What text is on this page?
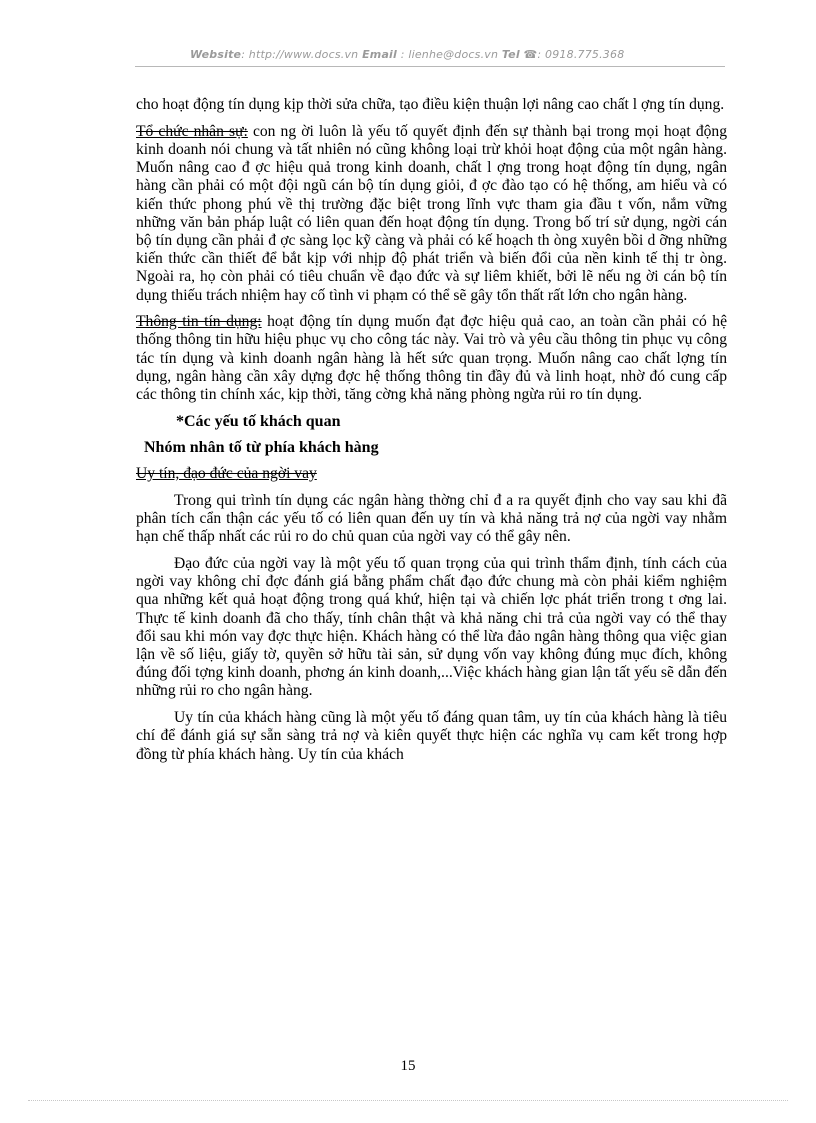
Website: http://www.docs.vn Email : lienhe@docs.vn Tel ☎: 0918.775.368

cho hoạt động tín dụng kịp thời sửa chữa, tạo điều kiện thuận lợi nâng cao chất l ợng tín dụng.

Tổ chức nhân sự: con ng ời luôn là yếu tố quyết định đến sự thành bại trong mọi hoạt động kinh doanh nói chung và tất nhiên nó cũng không loại trừ khỏi hoạt động của một ngân hàng. Muốn nâng cao đ ợc hiệu quả trong kinh doanh, chất l ợng trong hoạt động tín dụng, ngân hàng cần phải có một đội ngũ cán bộ tín dụng giỏi, đ ợc đào tạo có hệ thống, am hiểu và có kiến thức phong phú về thị trường đặc biệt trong lĩnh vực tham gia đầu t vốn, nắm vững những văn bản pháp luật có liên quan đến hoạt động tín dụng. Trong bố trí sử dụng, ngời cán bộ tín dụng cần phải đ ợc sàng lọc kỹ càng và phải có kế hoạch th òng xuyên bồi d ỡng những kiến thức cần thiết để bắt kịp với nhịp độ phát triển và biến đổi của nền kinh tế thị tr òng. Ngoài ra, họ còn phải có tiêu chuẩn về đạo đức và sự liêm khiết, bởi lẽ nếu ng ời cán bộ tín dụng thiếu trách nhiệm hay cố tình vi phạm có thể sẽ gây tổn thất rất lớn cho ngân hàng.

Thông tin tín dụng: hoạt động tín dụng muốn đạt đợc hiệu quả cao, an toàn cần phải có hệ thống thông tin hữu hiệu phục vụ cho công tác này. Vai trò và yêu cầu thông tin phục vụ công tác tín dụng và kinh doanh ngân hàng là hết sức quan trọng. Muốn nâng cao chất lợng tín dụng, ngân hàng cần xây dựng đợc hệ thống thông tin đầy đủ và linh hoạt, nhờ đó cung cấp các thông tin chính xác, kịp thời, tăng cờng khả năng phòng ngừa rủi ro tín dụng.

*Các yếu tố khách quan

Nhóm nhân tố từ phía khách hàng

Uy tín, đạo đức của ngời vay

Trong qui trình tín dụng các ngân hàng thờng chỉ đ a ra quyết định cho vay sau khi đã phân tích cẩn thận các yếu tố có liên quan đến uy tín và khả năng trả nợ của ngời vay nhằm hạn chế thấp nhất các rủi ro do chủ quan của ngời vay có thể gây nên.

Đạo đức của ngời vay là một yếu tố quan trọng của qui trình thẩm định, tính cách của ngời vay không chỉ đợc đánh giá bằng phẩm chất đạo đức chung mà còn phải kiểm nghiệm qua những kết quả hoạt động trong quá khứ, hiện tại và chiến lợc phát triển trong t ơng lai. Thực tế kinh doanh đã cho thấy, tính chân thật và khả năng chi trả của ngời vay có thể thay đổi sau khi món vay đợc thực hiện. Khách hàng có thể lừa đảo ngân hàng thông qua việc gian lận về số liệu, giấy tờ, quyền sở hữu tài sản, sử dụng vốn vay không đúng mục đích, không đúng đối tợng kinh doanh, phơng án kinh doanh,...Việc khách hàng gian lận tất yếu sẽ dẫn đến những rủi ro cho ngân hàng.

Uy tín của khách hàng cũng là một yếu tố đáng quan tâm, uy tín của khách hàng là tiêu chí để đánh giá sự sẵn sàng trả nợ và kiên quyết thực hiện các nghĩa vụ cam kết trong hợp đồng từ phía khách hàng. Uy tín của khách

15
